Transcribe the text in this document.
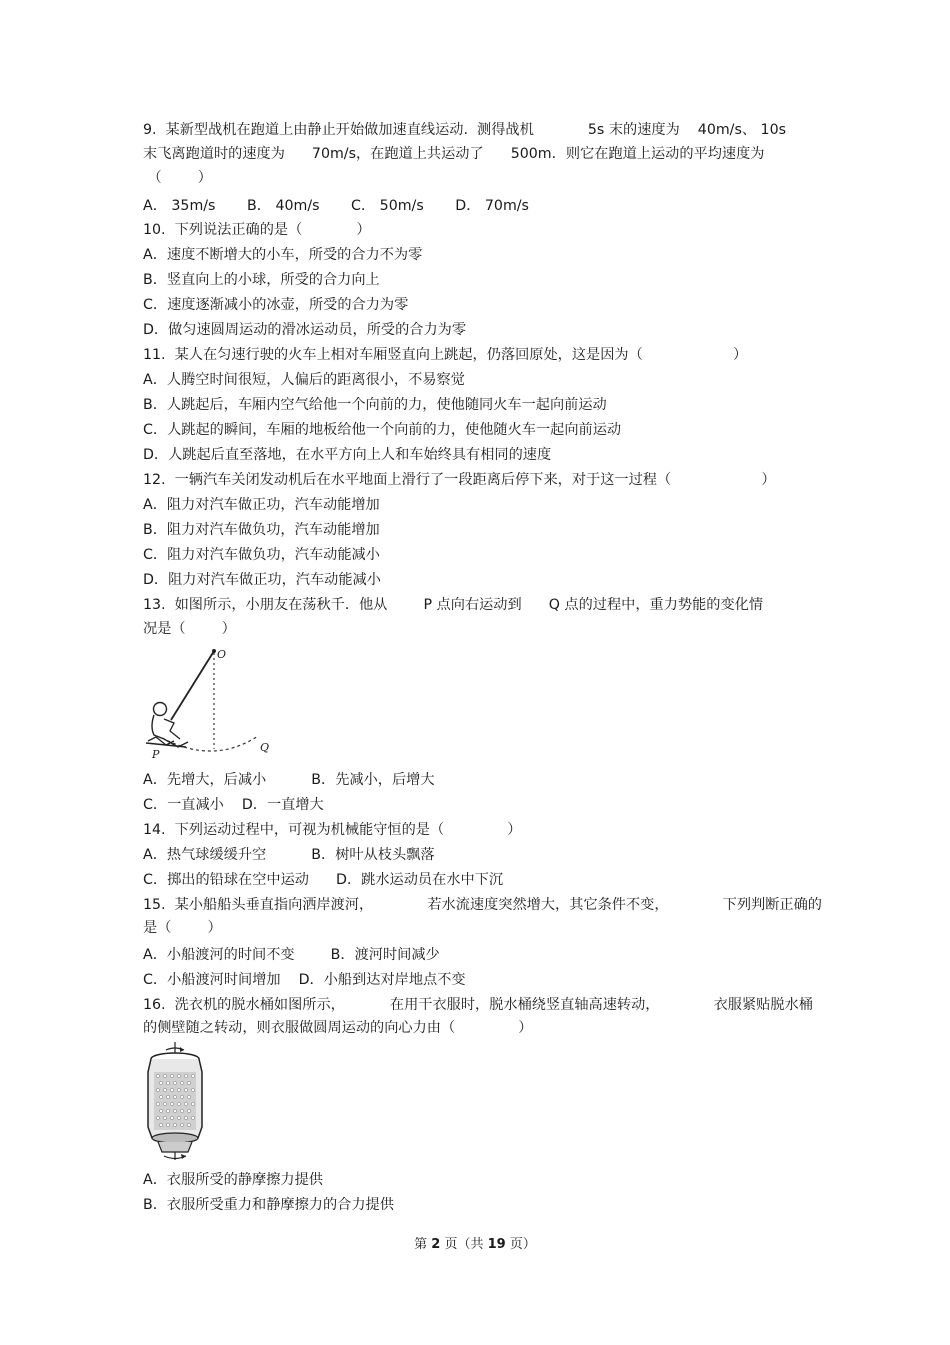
9.  某新型战机在跑道上由静止开始做加速直线运动.  测得战机            5s 末的速度为    40m/s、 10s
末飞离跑道时的速度为      70m/s，在跑道上共运动了      500m．则它在跑道上运动的平均速度为
（        ）
A． 35m/s       B． 40m/s       C． 50m/s       D． 70m/s
10.  下列说法正确的是（            ）
A．速度不断增大的小车，所受的合力不为零
B．竖直向上的小球，所受的合力向上
C．速度逐渐减小的冰壶，所受的合力为零
D．做匀速圆周运动的滑冰运动员，所受的合力为零
11.  某人在匀速行驶的火车上相对车厢竖直向上跳起，仍落回原处，这是因为（                    ）
A．人腾空时间很短，人偏后的距离很小，不易察觉
B．人跳起后，车厢内空气给他一个向前的力，使他随同火车一起向前运动
C．人跳起的瞬间，车厢的地板给他一个向前的力，使他随火车一起向前运动
D．人跳起后直至落地，在水平方向上人和车始终具有相同的速度
12.  一辆汽车关闭发动机后在水平地面上滑行了一段距离后停下来，对于这一过程（                    ）
A．阻力对汽车做正功，汽车动能增加
B．阻力对汽车做负功，汽车动能增加
C．阻力对汽车做负功，汽车动能减小
D．阻力对汽车做正功，汽车动能减小
13.  如图所示，小朋友在荡秋千．他从        P 点向右运动到      Q 点的过程中，重力势能的变化情
况是（        ）
O
P
Q
A．先增大，后减小          B．先减小，后增大
C．一直减小    D．一直增大
14.  下列运动过程中，可视为机械能守恒的是（              ）
A．热气球缓缓升空          B．树叶从枝头飘落
C．掷出的铅球在空中运动      D．跳水运动员在水中下沉
15.  某小船船头垂直指向洒岸渡河，            若水流速度突然增大，其它条件不变，            下列判断正确的
是（        ）
A．小船渡河的时间不变        B．渡河时间减少
C．小船渡河时间增加    D．小船到达对岸地点不变
16.  洗衣机的脱水桶如图所示，          在用干衣服时，脱水桶绕竖直轴高速转动，            衣服紧贴脱水桶
的侧壁随之转动，则衣服做圆周运动的向心力由（              ）
A．衣服所受的静摩擦力提供
B．衣服所受重力和静摩擦力的合力提供
第 2 页（共 19 页）
